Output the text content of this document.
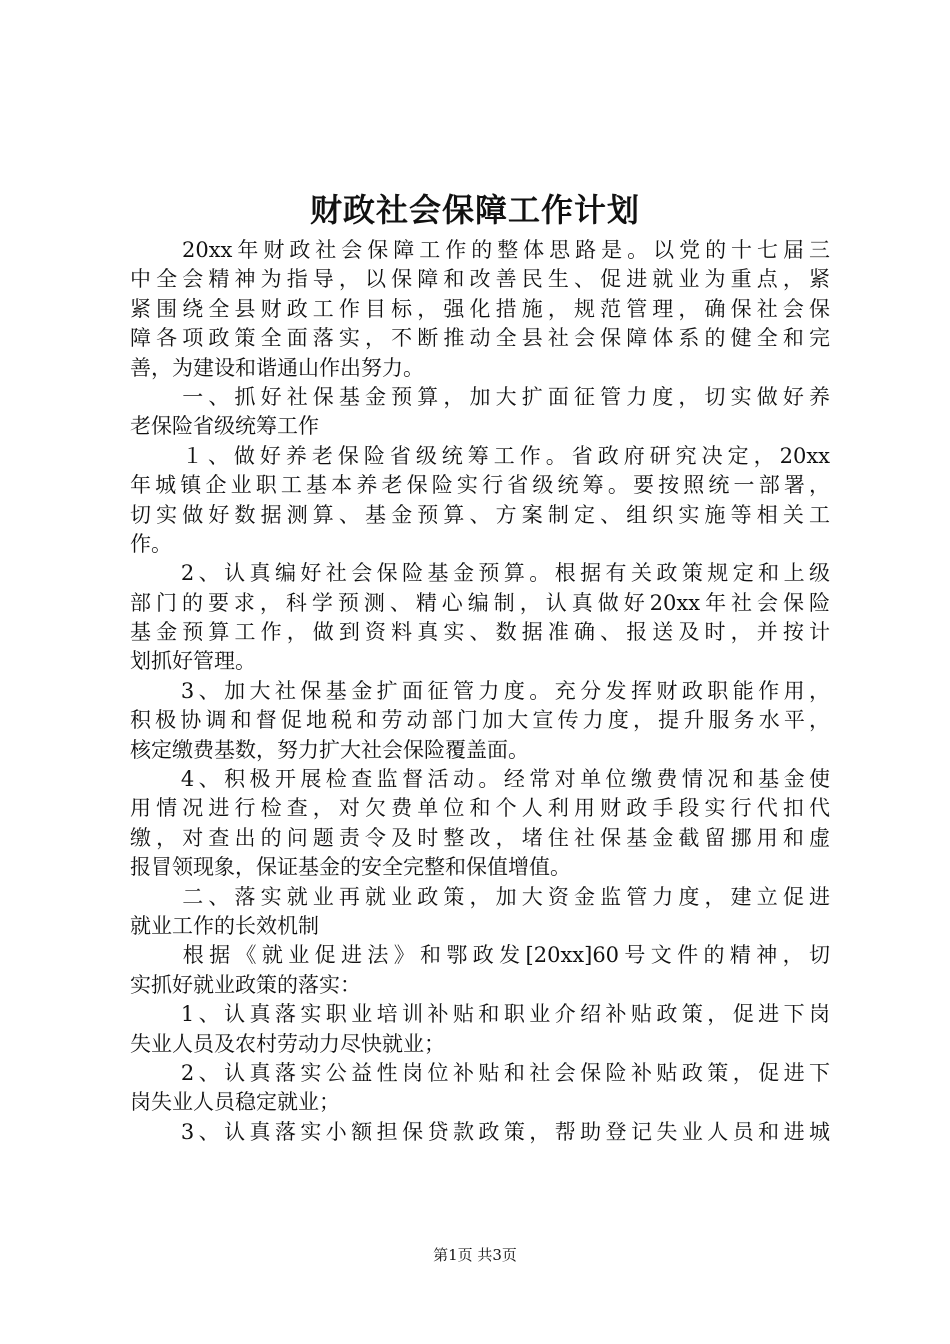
财政社会保障工作计划
　　20xx年财政社会保障工作的整体思路是。以党的十七届三
中全会精神为指导，以保障和改善民生、促进就业为重点，紧
紧围绕全县财政工作目标，强化措施，规范管理，确保社会保
障各项政策全面落实，不断推动全县社会保障体系的健全和完
善，为建设和谐通山作出努力。
　　一、抓好社保基金预算，加大扩面征管力度，切实做好养
老保险省级统筹工作
　　１、做好养老保险省级统筹工作。省政府研究决定，20xx
年城镇企业职工基本养老保险实行省级统筹。要按照统一部署，
切实做好数据测算、基金预算、方案制定、组织实施等相关工
作。
　　2、认真编好社会保险基金预算。根据有关政策规定和上级
部门的要求，科学预测、精心编制，认真做好20xx年社会保险
基金预算工作，做到资料真实、数据准确、报送及时，并按计
划抓好管理。
　　3、加大社保基金扩面征管力度。充分发挥财政职能作用，
积极协调和督促地税和劳动部门加大宣传力度，提升服务水平，
核定缴费基数，努力扩大社会保险覆盖面。
　　4、积极开展检查监督活动。经常对单位缴费情况和基金使
用情况进行检查，对欠费单位和个人利用财政手段实行代扣代
缴，对查出的问题责令及时整改，堵住社保基金截留挪用和虚
报冒领现象，保证基金的安全完整和保值增值。
　　二、落实就业再就业政策，加大资金监管力度，建立促进
就业工作的长效机制
　　根据《就业促进法》和鄂政发[20xx]60号文件的精神，切
实抓好就业政策的落实：
　　1、认真落实职业培训补贴和职业介绍补贴政策，促进下岗
失业人员及农村劳动力尽快就业；
　　2、认真落实公益性岗位补贴和社会保险补贴政策，促进下
岗失业人员稳定就业；
　　3、认真落实小额担保贷款政策，帮助登记失业人员和进城
第1页 共3页
